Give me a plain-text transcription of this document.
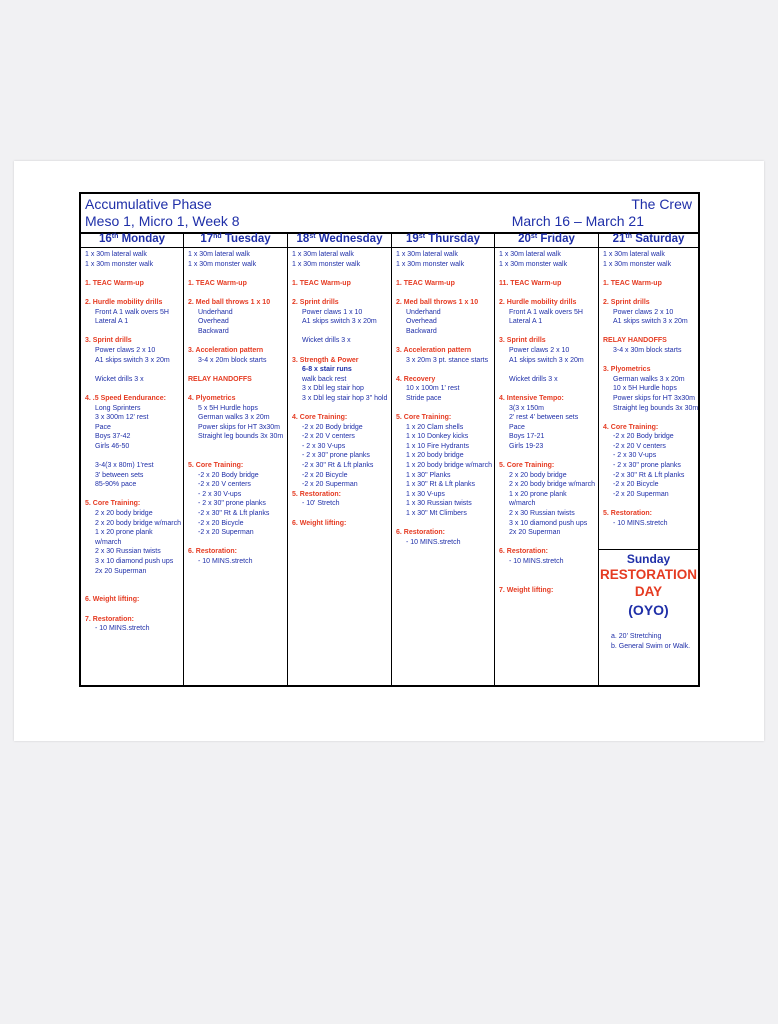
Accumulative Phase	The Crew
Meso 1, Micro 1, Week 8	March 16 – March 21
16th Monday
1 x 30m lateral walk
1 x 30m monster walk
1. TEAC Warm-up
2. Hurdle mobility drills
Front A 1 walk overs 5H
Lateral A 1
3. Sprint drills
Power claws 2 x 10
A1 skips switch 3 x 20m
Wicket drills 3 x
4. .5 Speed Eendurance:
Long Sprinters
3 x 300m 12' rest
Pace
Boys 37-42
Girls 46-50
3-4(3 x 80m) 1'rest
3' between sets
85-90% pace
5. Core Training:
2 x 20 body bridge
2 x 20 body bridge w/march
1 x 20 prone plank
w/march
2 x 30 Russian twists
3 x 10 diamond push ups
2x 20 Superman
6. Weight lifting:
7. Restoration:
- 10 MINS.stretch
17nd Tuesday
1 x 30m lateral walk
1 x 30m monster walk
1. TEAC Warm-up
2. Med ball throws 1 x 10
Underhand
Overhead
Backward
3. Acceleration pattern
3-4 x 20m block starts
RELAY HANDOFFS
4. Plyometrics
5 x 5H Hurdle hops
German walks 3 x 20m
Power skips for HT 3x30m
Straight leg bounds 3x 30m
5. Core Training:
-2 x 20 Body bridge
-2 x 20 V centers
- 2 x 30 V-ups
- 2 x 30" prone planks
-2 x 30" Rt & Lft planks
-2 x 20 Bicycle
-2 x 20 Superman
6. Restoration:
- 10 MINS.stretch
18st Wednesday
1 x 30m lateral walk
1 x 30m monster walk
1. TEAC Warm-up
2. Sprint drills
Power claws 1 x 10
A1 skips switch 3 x 20m
Wicket drills 3 x
3. Strength & Power
6-8 x stair runs
walk back rest
3 x Dbl leg stair hop
3 x Dbl leg stair hop 3" hold
4. Core Training:
-2 x 20 Body bridge
-2 x 20 V centers
- 2 x 30 V-ups
- 2 x 30" prone planks
-2 x 30" Rt & Lft planks
-2 x 20 Bicycle
-2 x 20 Superman
5. Restoration:
- 10' Stretch
6. Weight lifting:
19st Thursday
1 x 30m lateral walk
1 x 30m monster walk
1. TEAC Warm-up
2. Med ball throws 1 x 10
Underhand
Overhead
Backward
3. Acceleration pattern
3 x 20m 3 pt. stance starts
4. Recovery
10 x 100m 1' rest
Stride pace
5. Core Training:
1 x 20 Clam shells
1 x 10 Donkey kicks
1 x 10 Fire Hydrants
1 x 20 body bridge
1 x 20 body bridge w/march
1 x 30" Planks
1 x 30" Rt & Lft planks
1 x 30 V-ups
1 x 30 Russian twists
1 x 30" Mt Climbers
6. Restoration:
- 10 MINS.stretch
20st Friday
1 x 30m lateral walk
1 x 30m monster walk
11. TEAC Warm-up
2. Hurdle mobility drills
Front A 1 walk overs 5H
Lateral A 1
3. Sprint drills
Power claws 2 x 10
A1 skips switch 3 x 20m
Wicket drills 3 x
4. Intensive Tempo:
3(3 x 150m
2' rest 4' between sets
Pace
Boys 17-21
Girls 19-23
5. Core Training:
2 x 20 body bridge
2 x 20 body bridge w/march
1 x 20 prone plank
w/march
2 x 30 Russian twists
3 x 10 diamond push ups
2x 20 Superman
6. Restoration:
- 10 MINS.stretch
7. Weight lifting:
21th Saturday
1 x 30m lateral walk
1 x 30m monster walk
1. TEAC Warm-up
2. Sprint drills
Power claws 2 x 10
A1 skips switch 3 x 20m
RELAY HANDOFFS
3-4 x 30m block starts
3. Plyometrics
German walks 3 x 20m
10 x 5H Hurdle hops
Power skips for HT 3x30m
Straight leg bounds 3x 30m
4. Core Training:
-2 x 20 Body bridge
-2 x 20 V centers
- 2 x 30 V-ups
- 2 x 30" prone planks
-2 x 30" Rt & Lft planks
-2 x 20 Bicycle
-2 x 20 Superman
5. Restoration:
- 10 MINS.stretch
Sunday
RESTORATION
DAY
(OYO)
a. 20' Stretching
b. General Swim or Walk.
